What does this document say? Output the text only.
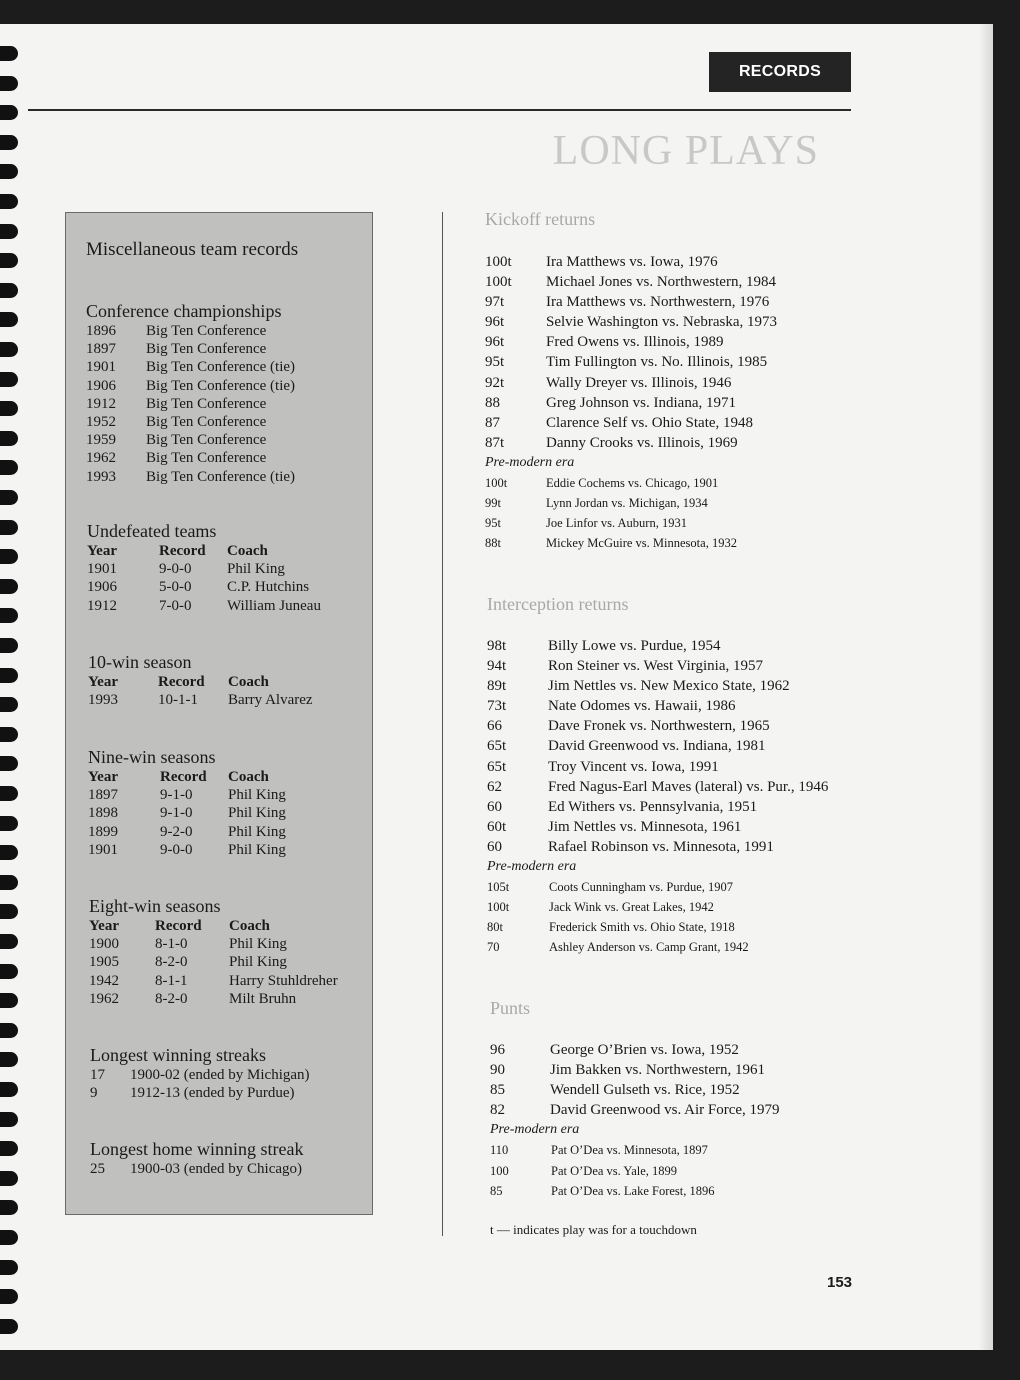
RECORDS
LONG PLAYS
Miscellaneous team records
Conference championships
1896 Big Ten Conference
1897 Big Ten Conference
1901 Big Ten Conference (tie)
1906 Big Ten Conference (tie)
1912 Big Ten Conference
1952 Big Ten Conference
1959 Big Ten Conference
1962 Big Ten Conference
1993 Big Ten Conference (tie)
Undefeated teams
Year	Record Coach
1901	9-0-0 Phil King
1906	5-0-0 C.P. Hutchins
1912	7-0-0 William Juneau
10-win season
Year	Record Coach
1993	10-1-1 Barry Alvarez
Nine-win seasons
Year	Record Coach
1897	9-1-0 Phil King
1898	9-1-0 Phil King
1899	9-2-0 Phil King
1901	9-0-0 Phil King
Eight-win seasons
Year Record Coach
1900 8-1-0	Phil King
1905 8-2-0	Phil King
1942 8-1-1	Harry Stuhldreher
1962 8-2-0	Milt Bruhn
Longest winning streaks
17 1900-02 (ended by Michigan)
9 1912-13 (ended by Purdue)
Longest home winning streak
25 1900-03 (ended by Chicago)
Kickoff returns
100t Ira Matthews vs. Iowa, 1976
100t Michael Jones vs. Northwestern, 1984
97t	Ira Matthews vs. Northwestern, 1976
96t	Selvie Washington vs. Nebraska, 1973
96t	Fred Owens vs. Illinois, 1989
95t	Tim Fullington vs. No. Illinois, 1985
92t	Wally Dreyer vs. Illinois, 1946
88	Greg Johnson vs. Indiana, 1971
87	Clarence Self vs. Ohio State, 1948
87t	Danny Crooks vs. Illinois, 1969
Pre-modern era
100t	Eddie Cochems vs. Chicago, 1901
99t	Lynn Jordan vs. Michigan, 1934
95t	Joe Linfor vs. Auburn, 1931
88t	Mickey McGuire vs. Minnesota, 1932
Interception returns
98t	Billy Lowe vs. Purdue, 1954
94t	Ron Steiner vs. West Virginia, 1957
89t	Jim Nettles vs. New Mexico State, 1962
73t	Nate Odomes vs. Hawaii, 1986
66	Dave Fronek vs. Northwestern, 1965
65t	David Greenwood vs. Indiana, 1981
65t	Troy Vincent vs. Iowa, 1991
62	Fred Nagus-Earl Maves (lateral) vs. Pur., 1946
60	Ed Withers vs. Pennsylvania, 1951
60t	Jim Nettles vs. Minnesota, 1961
60	Rafael Robinson vs. Minnesota, 1991
Pre-modern era
105t	Coots Cunningham vs. Purdue, 1907
100t	Jack Wink vs. Great Lakes, 1942
80t	Frederick Smith vs. Ohio State, 1918
70	Ashley Anderson vs. Camp Grant, 1942
Punts
96	George O’Brien vs. Iowa, 1952
90	Jim Bakken vs. Northwestern, 1961
85	Wendell Gulseth vs. Rice, 1952
82	David Greenwood vs. Air Force, 1979
Pre-modern era
110	Pat O’Dea vs. Minnesota, 1897
100	Pat O’Dea vs. Yale, 1899
85	Pat O’Dea vs. Lake Forest, 1896
t — indicates play was for a touchdown
153
